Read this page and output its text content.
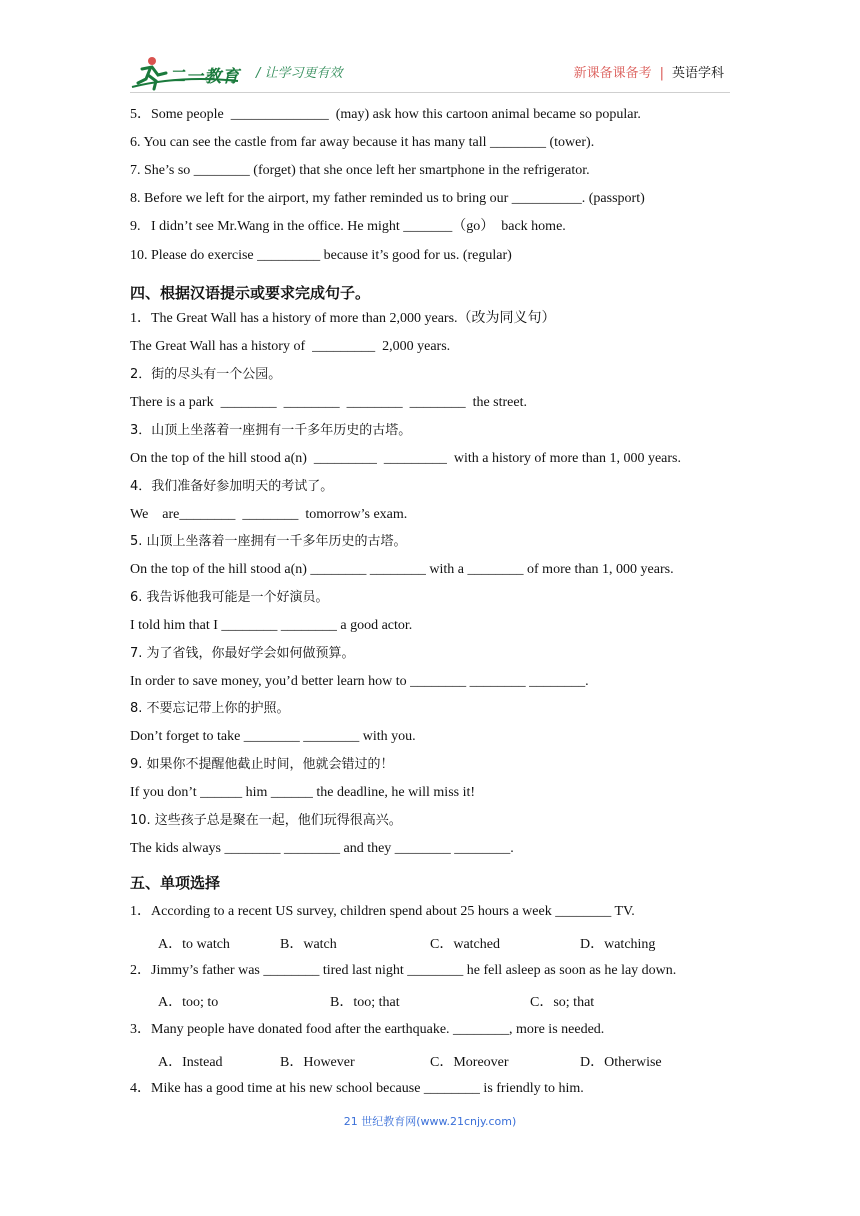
二一教育 / 让学习更有效	新课备课备考 | 英语学科
5．Some people  ______________  (may) ask how this cartoon animal became so popular.
6. You can see the castle from far away because it has many tall ________ (tower).
7. She’s so ________ (forget) that she once left her smartphone in the refrigerator.
8. Before we left for the airport, my father reminded us to bring our __________. (passport)
9.   I didn’t see Mr.Wang in the office. He might _______（go）  back home.
10. Please do exercise _________ because it’s good for us. (regular)
四、根据汉语提示或要求完成句子。
1．The Great Wall has a history of more than 2,000 years.（改为同义句）
The Great Wall has a history of  _________  2,000 years.
2．街的尽头有一个公园。
There is a park  ________  ________  ________  ________  the street.
3．山顶上坐落着一座拥有一千多年历史的古塔。
On the top of the hill stood a(n)  _________  _________  with a history of more than 1, 000 years.
4．我们准备好参加明天的考试了。
We    are________  ________  tomorrow’s exam.
5. 山顶上坐落着一座拥有一千多年历史的古塔。
On the top of the hill stood a(n) ________ ________ with a ________ of more than 1, 000 years.
6. 我告诉他我可能是一个好演员。
I told him that I ________ ________ a good actor.
7. 为了省钱，你最好学会如何做预算。
In order to save money, you’d better learn how to ________ ________ ________.
8. 不要忘记带上你的护照。
Don’t forget to take ________ ________ with you.
9. 如果你不提醒他截止时间，他就会错过的！
If you don’t ______ him ______ the deadline, he will miss it!
10. 这些孩子总是聚在一起，他们玩得很高兴。
The kids always ________ ________ and they ________ ________.
五、单项选择
1．According to a recent US survey, children spend about 25 hours a week ________ TV.
A．to watch	B．watch	C．watched	D．watching
2．Jimmy’s father was ________ tired last night ________ he fell asleep as soon as he lay down.
A．too; to	B．too; that	C．so; that
3．Many people have donated food after the earthquake. ________, more is needed.
A．Instead	B．However	C．Moreover	D．Otherwise
4．Mike has a good time at his new school because ________ is friendly to him.
21 世纪教育网(www.21cnjy.com)
